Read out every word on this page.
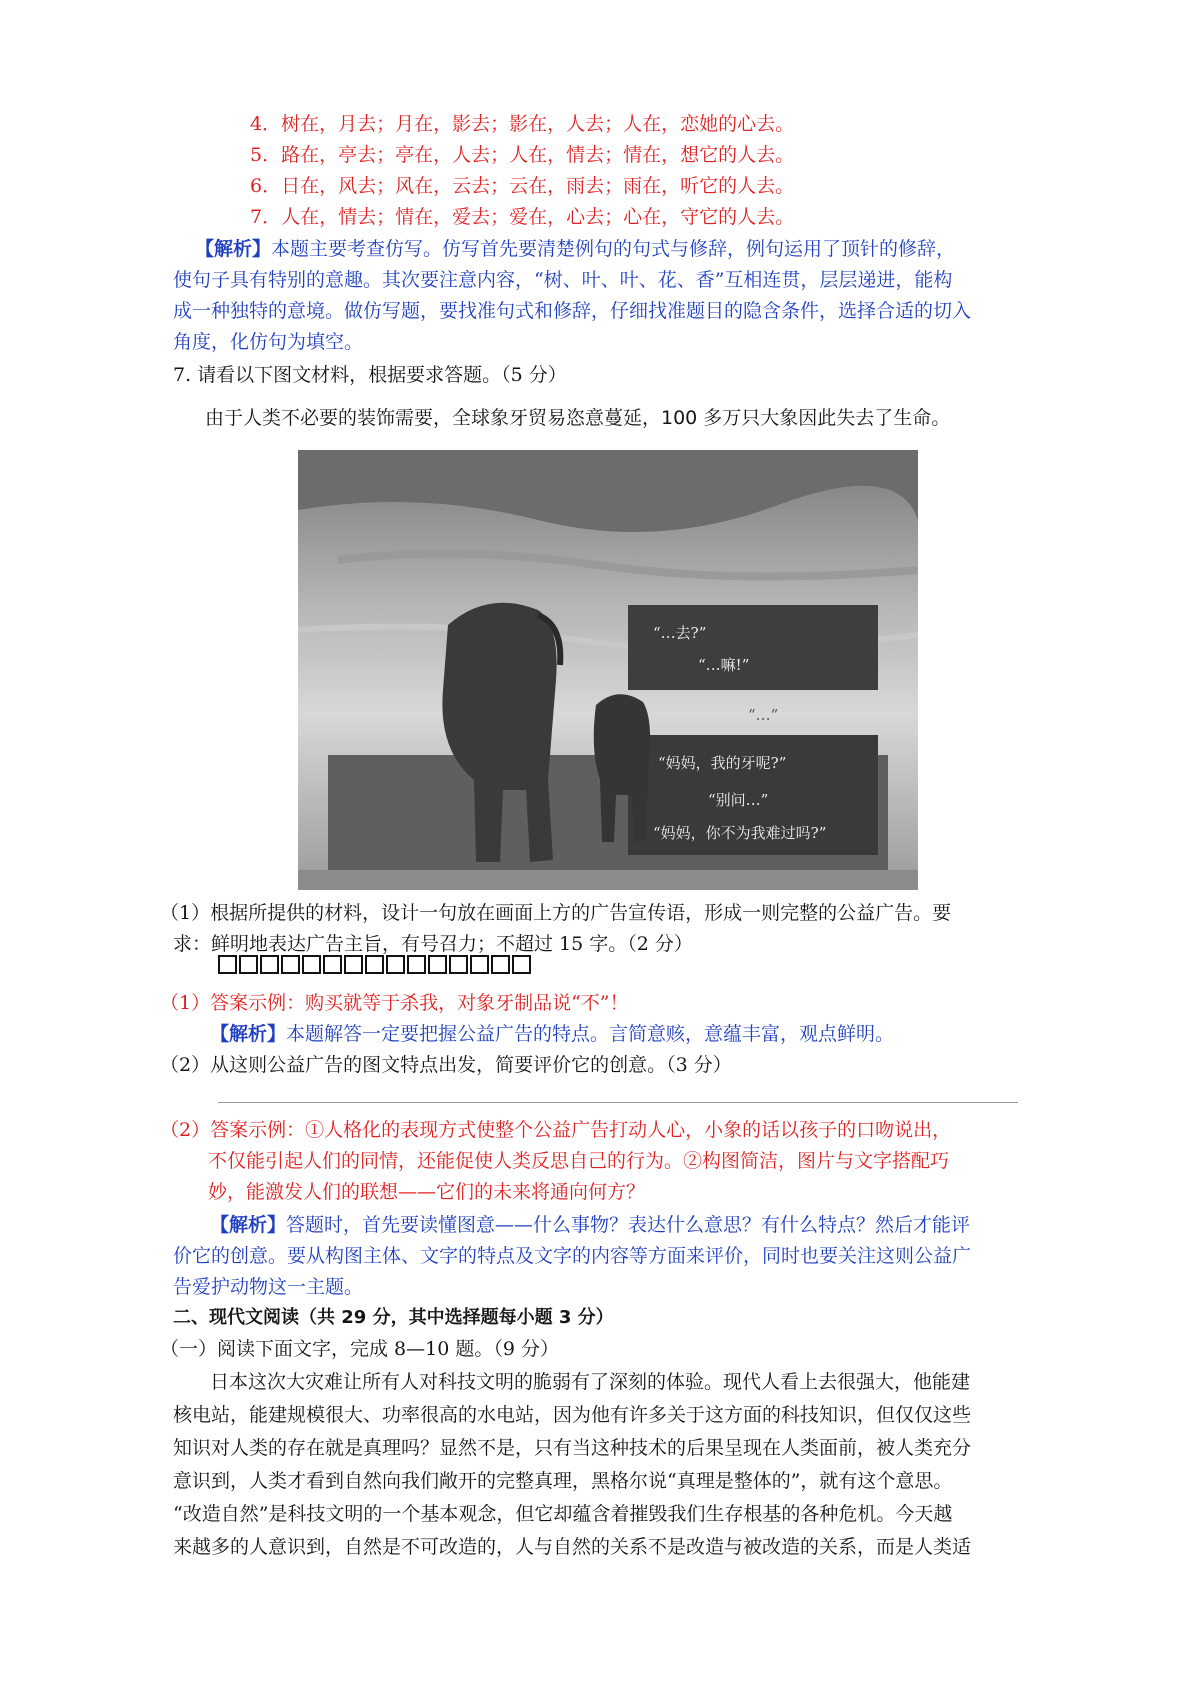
4．树在，月去；月在，影去；影在，人去；人在，恋她的心去。
5．路在，亭去；亭在，人去；人在，情去；情在，想它的人去。
6．日在，风去；风在，云去；云在，雨去；雨在，听它的人去。
7．人在，情去；情在，爱去；爱在，心去；心在，守它的人去。
【解析】本题主要考查仿写。仿写首先要清楚例句的句式与修辞，例句运用了顶针的修辞，
使句子具有特别的意趣。其次要注意内容，“树、叶、叶、花、香”互相连贯，层层递进，能构
成一种独特的意境。做仿写题，要找准句式和修辞，仔细找准题目的隐含条件，选择合适的切入
角度，化仿句为填空。
7. 请看以下图文材料，根据要求答题。（5 分）
由于人类不必要的装饰需要，全球象牙贸易恣意蔓延，100 多万只大象因此失去了生命。
“…去?”
“…嘛!”
“…”
“妈妈，我的牙呢?”
“别问…”
“妈妈，你不为我难过吗?”
（1）根据所提供的材料，设计一句放在画面上方的广告宣传语，形成一则完整的公益广告。要
求：鲜明地表达广告主旨，有号召力；不超过 15 字。（2 分）
（1）答案示例：购买就等于杀我，对象牙制品说“不”！
【解析】本题解答一定要把握公益广告的特点。言简意赅，意蕴丰富，观点鲜明。
（2）从这则公益广告的图文特点出发，简要评价它的创意。（3 分）
（2）答案示例：①人格化的表现方式使整个公益广告打动人心，小象的话以孩子的口吻说出，
不仅能引起人们的同情，还能促使人类反思自己的行为。②构图简洁，图片与文字搭配巧
妙，能激发人们的联想——它们的未来将通向何方？
【解析】答题时，首先要读懂图意——什么事物？表达什么意思？有什么特点？然后才能评
价它的创意。要从构图主体、文字的特点及文字的内容等方面来评价，同时也要关注这则公益广
告爱护动物这一主题。
二、现代文阅读（共 29 分，其中选择题每小题 3 分）
（一）阅读下面文字，完成 8—10 题。（9 分）
日本这次大灾难让所有人对科技文明的脆弱有了深刻的体验。现代人看上去很强大，他能建
核电站，能建规模很大、功率很高的水电站，因为他有许多关于这方面的科技知识，但仅仅这些
知识对人类的存在就是真理吗？显然不是，只有当这种技术的后果呈现在人类面前，被人类充分
意识到，人类才看到自然向我们敞开的完整真理，黑格尔说“真理是整体的”，就有这个意思。
“改造自然”是科技文明的一个基本观念，但它却蕴含着摧毁我们生存根基的各种危机。今天越
来越多的人意识到，自然是不可改造的，人与自然的关系不是改造与被改造的关系，而是人类适
